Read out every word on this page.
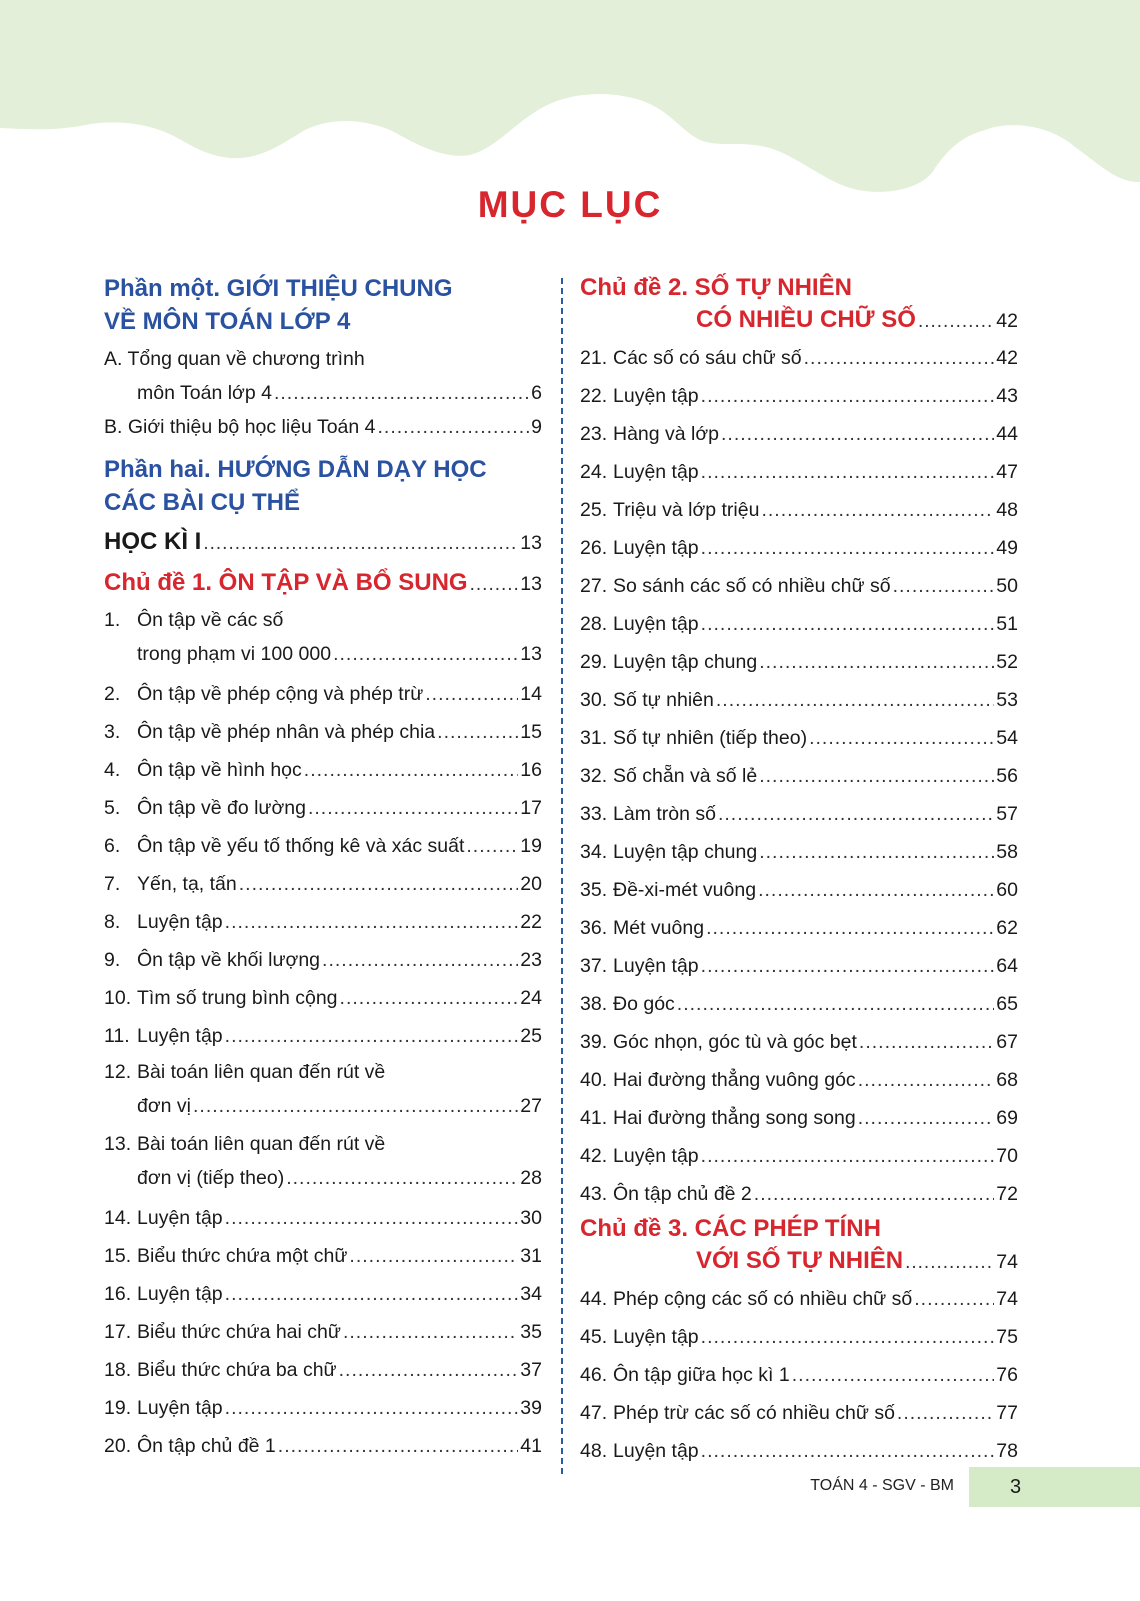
MỤC LỤC
Phần một. GIỚI THIỆU CHUNG
VỀ MÔN TOÁN LỚP 4
A. Tổng quan về chương trình
môn Toán lớp 4 .....	6
B. Giới thiệu bộ học liệu Toán 4 .....	9
Phần hai. HƯỚNG DẪN DẠY HỌC
CÁC BÀI CỤ THỂ
HỌC KÌ I .....	13
Chủ đề 1. ÔN TẬP VÀ BỔ SUNG .....	13
1. Ôn tập về các số
trong phạm vi 100 000 .....	13
2. Ôn tập về phép cộng và phép trừ .....	14
3. Ôn tập về phép nhân và phép chia .....	15
4. Ôn tập về hình học .....	16
5. Ôn tập về đo lường .....	17
6. Ôn tập về yếu tố thống kê và xác suất .....	19
7. Yến, tạ, tấn .....	20
8. Luyện tập .....	22
9. Ôn tập về khối lượng .....	23
10. Tìm số trung bình cộng .....	24
11. Luyện tập .....	25
12. Bài toán liên quan đến rút về
đơn vị .....	27
13. Bài toán liên quan đến rút về
đơn vị (tiếp theo) .....	28
14. Luyện tập .....	30
15. Biểu thức chứa một chữ .....	31
16. Luyện tập .....	34
17. Biểu thức chứa hai chữ .....	35
18. Biểu thức chứa ba chữ .....	37
19. Luyện tập .....	39
20. Ôn tập chủ đề 1 .....	41
Chủ đề 2. SỐ TỰ NHIÊN
CÓ NHIỀU CHỮ SỐ .....	42
21. Các số có sáu chữ số .....	42
22. Luyện tập .....	43
23. Hàng và lớp .....	44
24. Luyện tập .....	47
25. Triệu và lớp triệu .....	48
26. Luyện tập .....	49
27. So sánh các số có nhiều chữ số .....	50
28. Luyện tập .....	51
29. Luyện tập chung .....	52
30. Số tự nhiên .....	53
31. Số tự nhiên (tiếp theo) .....	54
32. Số chẵn và số lẻ .....	56
33. Làm tròn số .....	57
34. Luyện tập chung .....	58
35. Đề-xi-mét vuông .....	60
36. Mét vuông .....	62
37. Luyện tập .....	64
38. Đo góc .....	65
39. Góc nhọn, góc tù và góc bẹt .....	67
40. Hai đường thẳng vuông góc .....	68
41. Hai đường thẳng song song .....	69
42. Luyện tập .....	70
43. Ôn tập chủ đề 2 .....	72
Chủ đề 3. CÁC PHÉP TÍNH
VỚI SỐ TỰ NHIÊN .....	74
44. Phép cộng các số có nhiều chữ số .....	74
45. Luyện tập .....	75
46. Ôn tập giữa học kì 1 .....	76
47. Phép trừ các số có nhiều chữ số .....	77
48. Luyện tập .....	78
TOÁN 4 - SGV - BM	3
